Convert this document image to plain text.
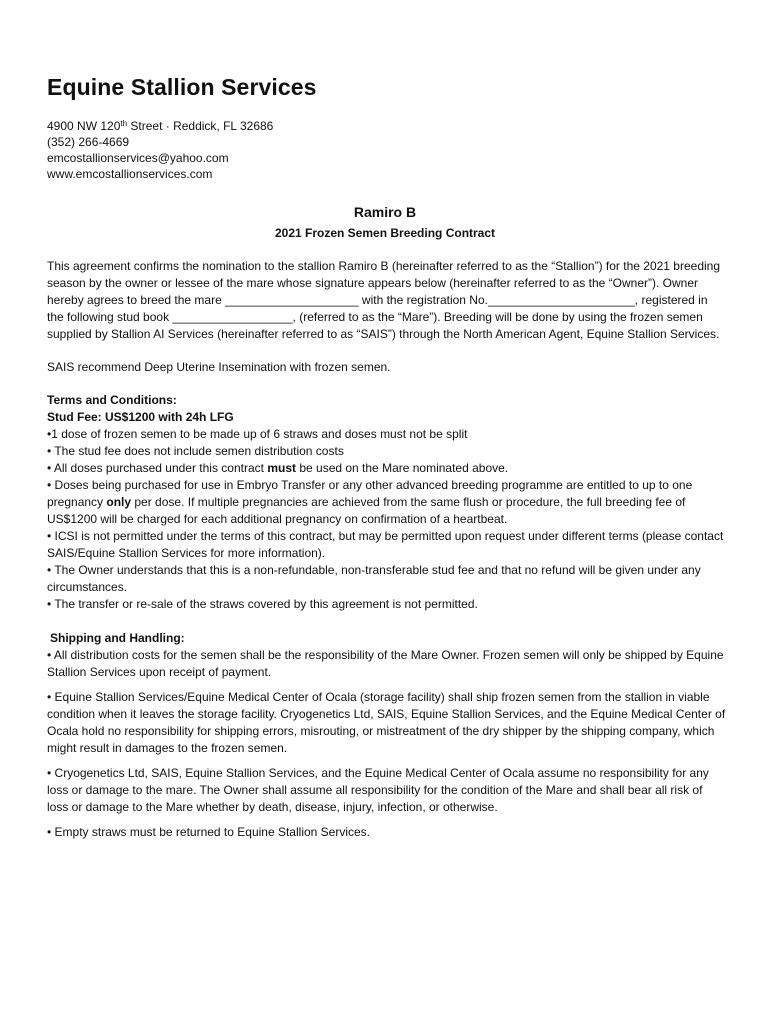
Equine Stallion Services
4900 NW 120th Street · Reddick, FL 32686
(352) 266-4669
emcostallionservices@yahoo.com
www.emcostallionservices.com
Ramiro B
2021 Frozen Semen Breeding Contract

This agreement confirms the nomination to the stallion Ramiro B (hereinafter referred to as the “Stallion”) for the 2021 breeding season by the owner or lessee of the mare whose signature appears below (hereinafter referred to as the “Owner”). Owner hereby agrees to breed the mare ____________________ with the registration No.______________________, registered in the following stud book __________________, (referred to as the “Mare”). Breeding will be done by using the frozen semen supplied by Stallion AI Services (hereinafter referred to as “SAIS”) through the North American Agent, Equine Stallion Services.

SAIS recommend Deep Uterine Insemination with frozen semen.

Terms and Conditions:

Stud Fee: US$1200 with 24h LFG

•1 dose of frozen semen to be made up of 6 straws and doses must not be split

• The stud fee does not include semen distribution costs

• All doses purchased under this contract must be used on the Mare nominated above.

• Doses being purchased for use in Embryo Transfer or any other advanced breeding programme are entitled to up to one pregnancy only per dose. If multiple pregnancies are achieved from the same flush or procedure, the full breeding fee of US$1200 will be charged for each additional pregnancy on confirmation of a heartbeat.

• ICSI is not permitted under the terms of this contract, but may be permitted upon request under different terms (please contact SAIS/Equine Stallion Services for more information).

• The Owner understands that this is a non-refundable, non-transferable stud fee and that no refund will be given under any circumstances.

• The transfer or re-sale of the straws covered by this agreement is not permitted.

Shipping and Handling:

• All distribution costs for the semen shall be the responsibility of the Mare Owner. Frozen semen will only be shipped by Equine Stallion Services upon receipt of payment.

• Equine Stallion Services/Equine Medical Center of Ocala (storage facility) shall ship frozen semen from the stallion in viable condition when it leaves the storage facility. Cryogenetics Ltd, SAIS, Equine Stallion Services, and the Equine Medical Center of Ocala hold no responsibility for shipping errors, misrouting, or mistreatment of the dry shipper by the shipping company, which might result in damages to the frozen semen.

• Cryogenetics Ltd, SAIS, Equine Stallion Services, and the Equine Medical Center of Ocala assume no responsibility for any loss or damage to the mare. The Owner shall assume all responsibility for the condition of the Mare and shall bear all risk of loss or damage to the Mare whether by death, disease, injury, infection, or otherwise.

• Empty straws must be returned to Equine Stallion Services.
